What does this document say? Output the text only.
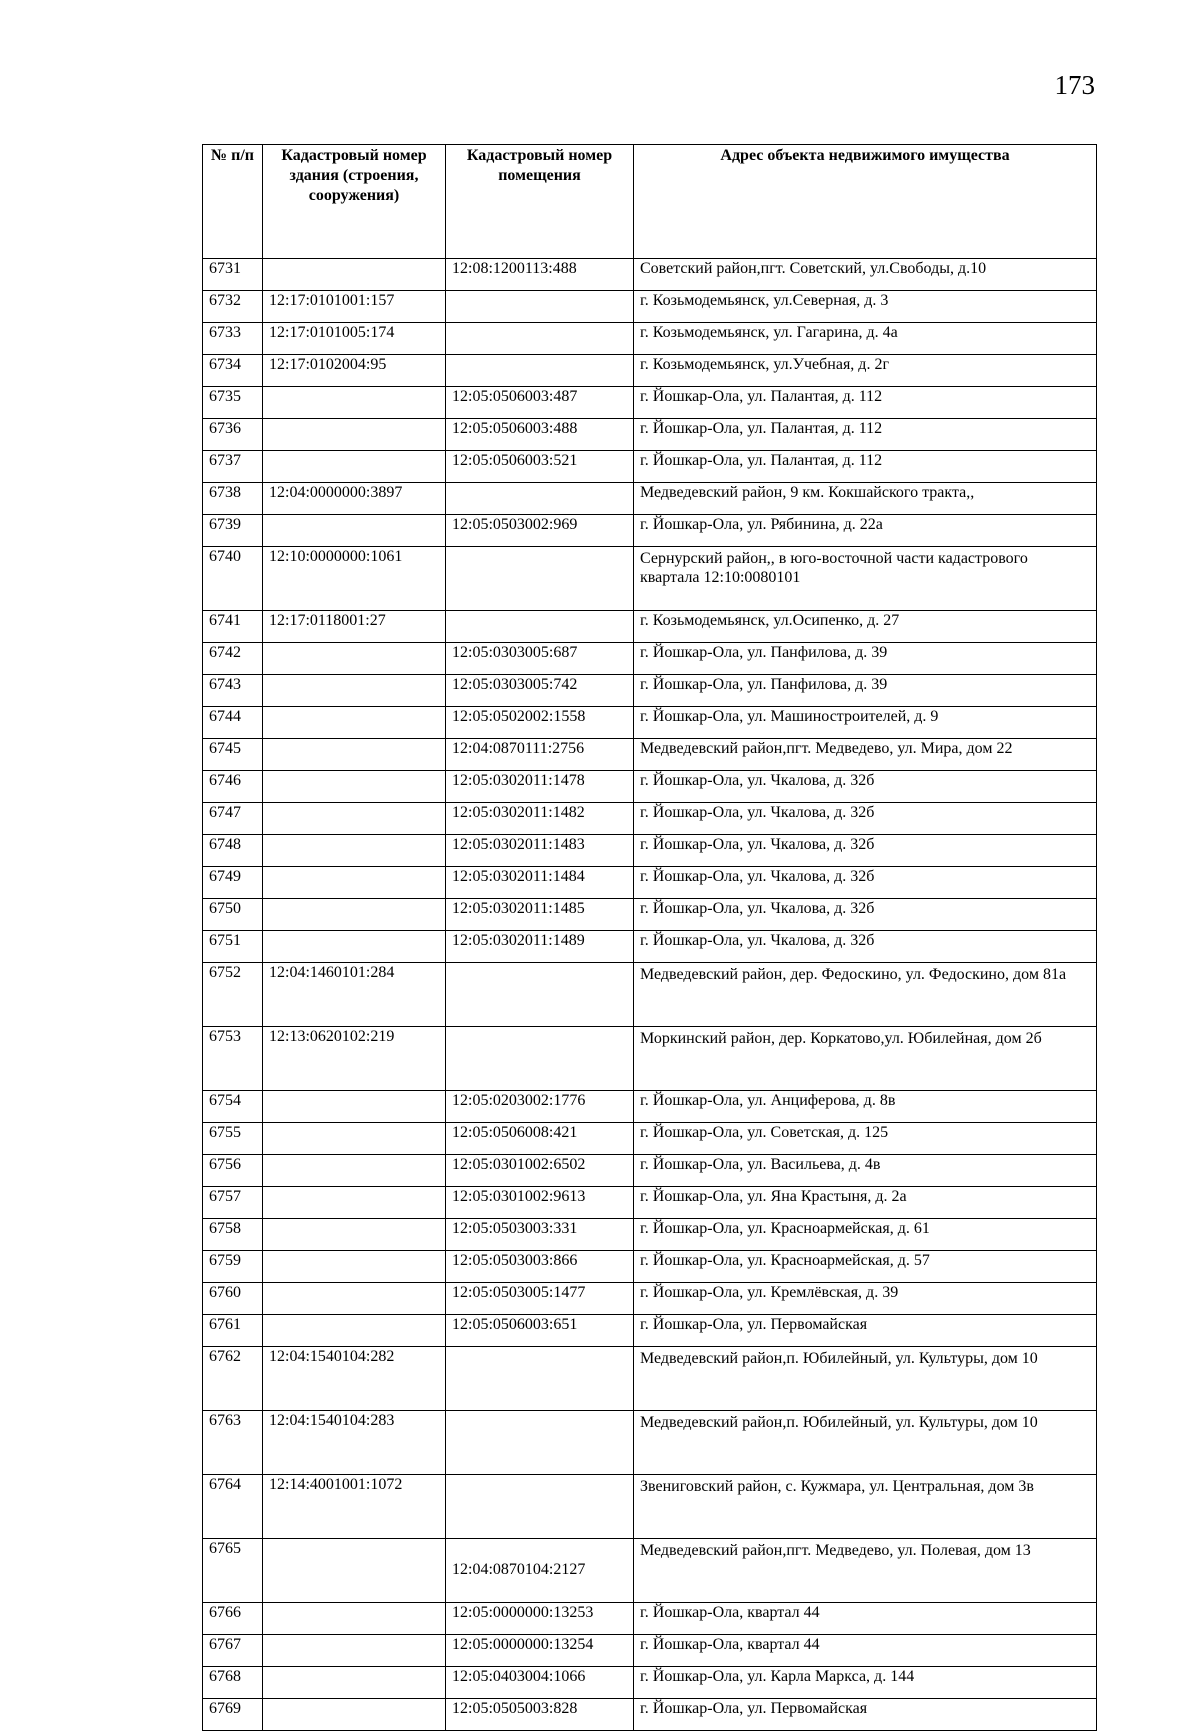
173
№ п/п	Кадастровый номер здания (строения, сооружения)	Кадастровый номер помещения	Адрес объекта недвижимого имущества
6731		12:08:1200113:488	Советский район,пгт. Советский, ул.Свободы, д.10
6732	12:17:0101001:157		г. Козьмодемьянск, ул.Северная, д. 3
6733	12:17:0101005:174		г. Козьмодемьянск, ул. Гагарина, д. 4а
6734	12:17:0102004:95		г. Козьмодемьянск, ул.Учебная, д. 2г
6735		12:05:0506003:487	г. Йошкар-Ола, ул. Палантая, д. 112
6736		12:05:0506003:488	г. Йошкар-Ола, ул. Палантая, д. 112
6737		12:05:0506003:521	г. Йошкар-Ола, ул. Палантая, д. 112
6738	12:04:0000000:3897		Медведевский район, 9 км. Кокшайского тракта,,
6739		12:05:0503002:969	г. Йошкар-Ола, ул. Рябинина, д. 22а
6740	12:10:0000000:1061		Сернурский район,, в юго-восточной части кадастрового квартала 12:10:0080101
6741	12:17:0118001:27		г. Козьмодемьянск, ул.Осипенко, д. 27
6742		12:05:0303005:687	г. Йошкар-Ола, ул. Панфилова, д. 39
6743		12:05:0303005:742	г. Йошкар-Ола, ул. Панфилова, д. 39
6744		12:05:0502002:1558	г. Йошкар-Ола, ул. Машиностроителей, д. 9
6745		12:04:0870111:2756	Медведевский район,пгт. Медведево, ул. Мира, дом 22
6746		12:05:0302011:1478	г. Йошкар-Ола, ул. Чкалова, д. 32б
6747		12:05:0302011:1482	г. Йошкар-Ола, ул. Чкалова, д. 32б
6748		12:05:0302011:1483	г. Йошкар-Ола, ул. Чкалова, д. 32б
6749		12:05:0302011:1484	г. Йошкар-Ола, ул. Чкалова, д. 32б
6750		12:05:0302011:1485	г. Йошкар-Ола, ул. Чкалова, д. 32б
6751		12:05:0302011:1489	г. Йошкар-Ола, ул. Чкалова, д. 32б
6752	12:04:1460101:284		Медведевский район, дер. Федоскино, ул. Федоскино, дом 81а
6753	12:13:0620102:219		Моркинский район, дер. Коркатово,ул. Юбилейная, дом 2б
6754		12:05:0203002:1776	г. Йошкар-Ола, ул. Анциферова, д. 8в
6755		12:05:0506008:421	г. Йошкар-Ола, ул. Советская, д. 125
6756		12:05:0301002:6502	г. Йошкар-Ола, ул. Васильева, д. 4в
6757		12:05:0301002:9613	г. Йошкар-Ола, ул. Яна Крастыня, д. 2а
6758		12:05:0503003:331	г. Йошкар-Ола, ул. Красноармейская, д. 61
6759		12:05:0503003:866	г. Йошкар-Ола, ул. Красноармейская, д. 57
6760		12:05:0503005:1477	г. Йошкар-Ола, ул. Кремлёвская, д. 39
6761		12:05:0506003:651	г. Йошкар-Ола, ул. Первомайская
6762	12:04:1540104:282		Медведевский район,п. Юбилейный, ул. Культуры, дом 10
6763	12:04:1540104:283		Медведевский район,п. Юбилейный, ул. Культуры, дом 10
6764	12:14:4001001:1072		Звениговский район, с. Кужмара, ул. Центральная, дом 3в
6765		12:04:0870104:2127	Медведевский район,пгт. Медведево, ул. Полевая, дом 13
6766		12:05:0000000:13253	г. Йошкар-Ола, квартал 44
6767		12:05:0000000:13254	г. Йошкар-Ола, квартал 44
6768		12:05:0403004:1066	г. Йошкар-Ола, ул. Карла Маркса, д. 144
6769		12:05:0505003:828	г. Йошкар-Ола, ул. Первомайская
